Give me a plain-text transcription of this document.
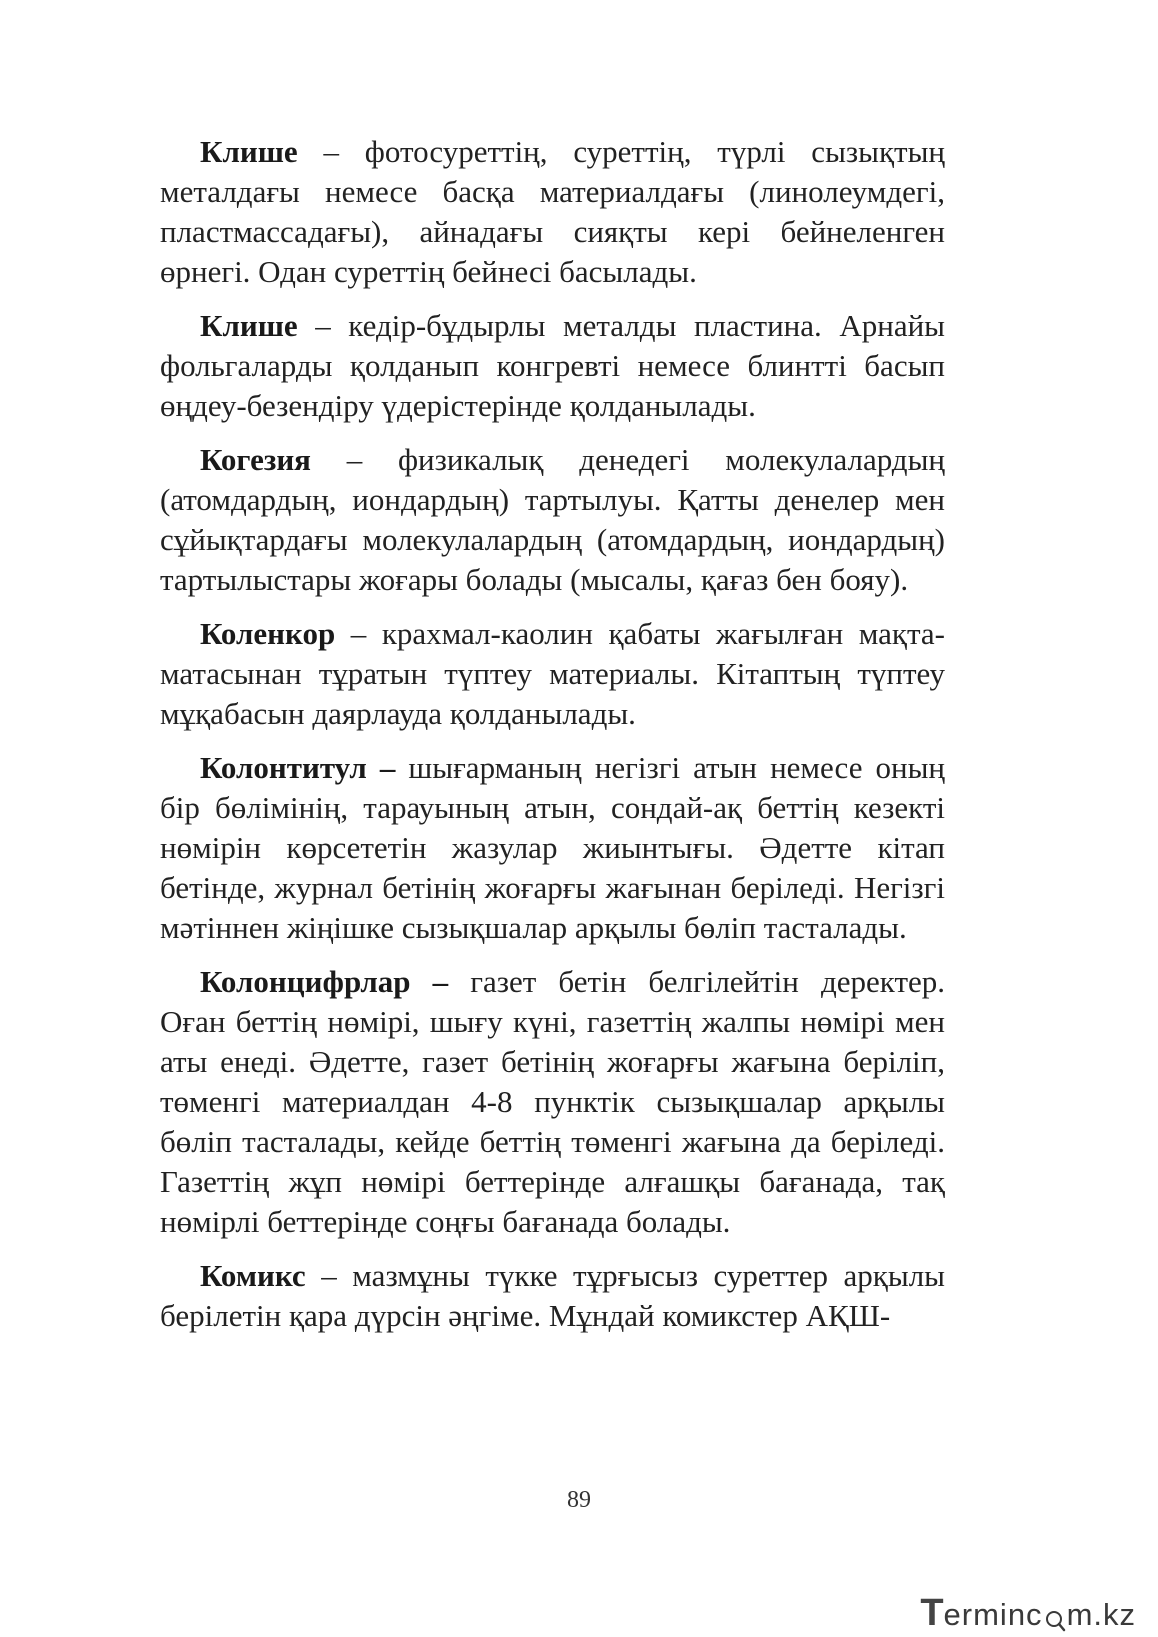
Клише – фотосуреттің, суреттің, түрлі сызықтың металдағы немесе басқа материалдағы (линолеумдегі, пластмассадағы), айнадағы сияқты кері бейнеленген өрнегі. Одан суреттің бейнесі басылады.

Клише – кедір-бұдырлы металды пластина. Арнайы фольгаларды қолданып конгревті немесе блинтті басып өңдеу-безендіру үдерістерінде қолданылады.

Когезия – физикалық денедегі молекулалардың (атомдардың, иондардың) тартылуы. Қатты денелер мен сұйықтардағы молекулалардың (атомдардың, иондардың) тартылыстары жоғары болады (мысалы, қағаз бен бояу).

Коленкор – крахмал-каолин қабаты жағылған мақта-матасынан тұратын түптеу материалы. Кітаптың түптеу мұқабасын даярлауда қолданылады.

Колонтитул – шығарманың негізгі атын немесе оның бір бөлімінің, тарауының атын, сондай-ақ беттің кезекті нөмірін көрсететін жазулар жиынтығы. Әдетте кітап бетінде, журнал бетінің жоғарғы жағынан беріледі. Негізгі мәтіннен жіңішке сызықшалар арқылы бөліп тасталады.

Колонцифрлар – газет бетін белгілейтін деректер. Оған беттің нөмірі, шығу күні, газеттің жалпы нөмірі мен аты енеді. Әдетте, газет бетінің жоғарғы жағына беріліп, төменгі материалдан 4-8 пунктік сызықшалар арқылы бөліп тасталады, кейде беттің төменгі жағына да беріледі. Газеттің жұп нөмірі беттерінде алғашқы бағанада, тақ нөмірлі беттерінде соңғы бағанада болады.

Комикс – мазмұны түкке тұрғысыз суреттер арқылы берілетін қара дүрсін әңгіме. Мұндай комикстер АҚШ-

89
T erminc m.kz
